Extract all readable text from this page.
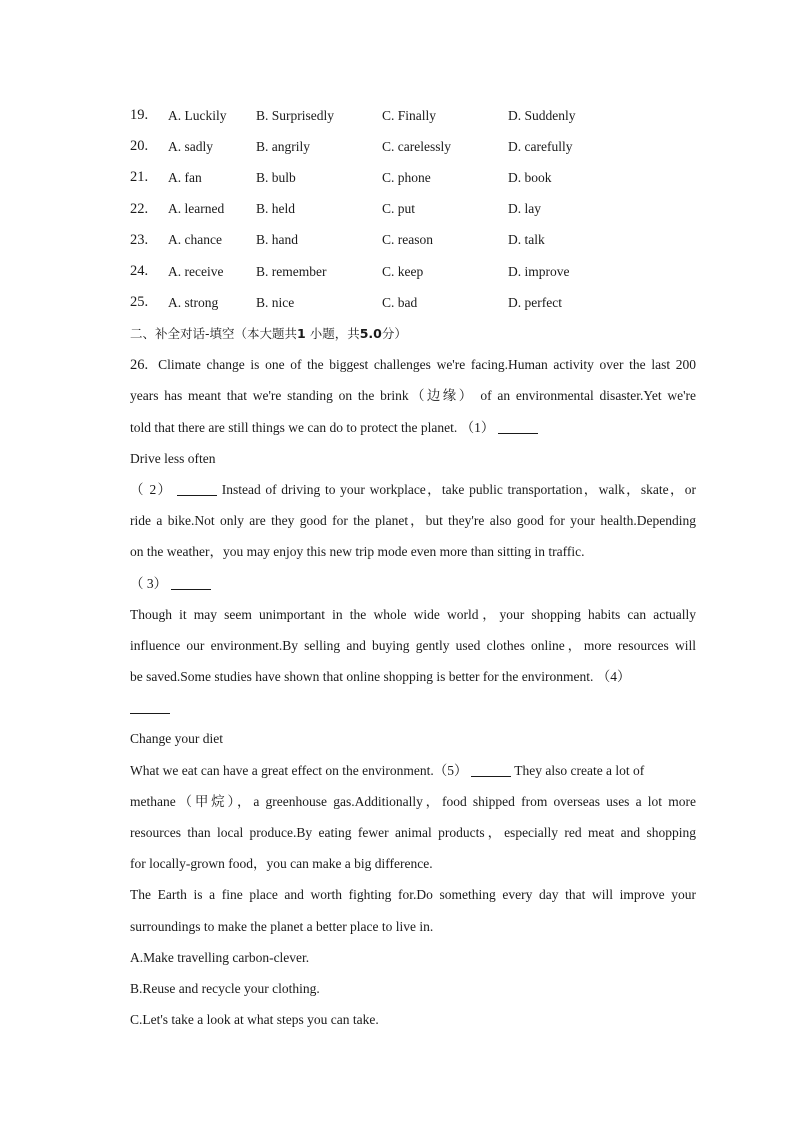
19.	A. Luckily	B. Surprisedly	C. Finally	D. Suddenly
20.	A. sadly	B. angrily	C. carelessly	D. carefully
21.	A. fan	B. bulb	C. phone	D. book
22.	A. learned	B. held	C. put	D. lay
23.	A. chance	B. hand	C. reason	D. talk
24.	A. receive	B. remember	C. keep	D. improve
25.	A. strong	B. nice	C. bad	D. perfect
二、补全对话-填空（本大题共1 小题，共5.0分）
26. Climate change is one of the biggest challenges we're facing.Human activity over the last 200
years has meant that we're standing on the brink（边缘） of an environmental disaster.Yet we're
told that there are still things we can do to protect the planet. （1）
Drive less often
（ 2）	Instead of driving to your workplace，take public transportation，walk，skate，or
ride a bike.Not only are they good for the planet，but they're also good for your health.Depending
on the weather，you may enjoy this new trip mode even more than sitting in traffic.
（ 3）
Though it may seem unimportant in the whole wide world，your shopping habits can actually
influence our environment.By selling and buying gently used clothes online，more resources will
be saved.Some studies have shown that online shopping is better for the environment. （4）
Change your diet
What we eat can have a great effect on the environment.（5）	They also create a lot of
methane（甲烷），a greenhouse gas.Additionally，food shipped from overseas uses a lot more
resources than local produce.By eating fewer animal products，especially red meat and shopping
for locally-grown food，you can make a big difference.
The Earth is a fine place and worth fighting for.Do something every day that will improve your
surroundings to make the planet a better place to live in.
A.Make travelling carbon-clever.
B.Reuse and recycle your clothing.
C.Let's take a look at what steps you can take.
